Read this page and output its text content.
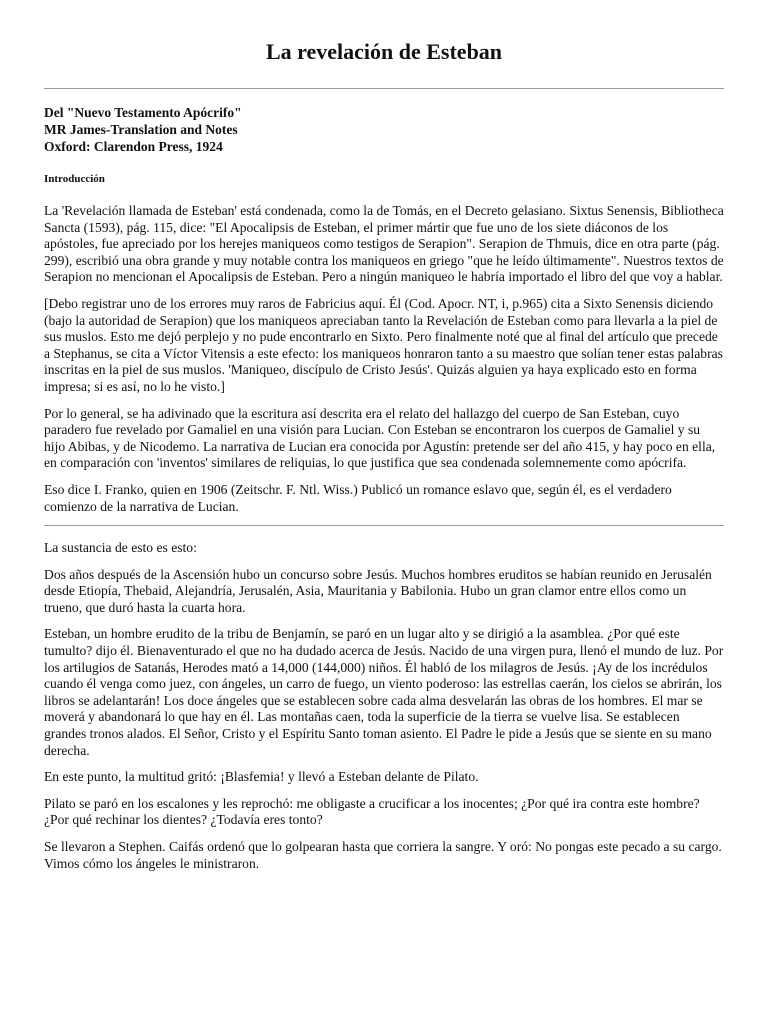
La revelación de Esteban
Del "Nuevo Testamento Apócrifo"
MR James-Translation and Notes
Oxford: Clarendon Press, 1924
Introducción

La 'Revelación llamada de Esteban' está condenada, como la de Tomás, en el Decreto gelasiano. Sixtus Senensis, Bibliotheca Sancta (1593), pág. 115, dice: "El Apocalipsis de Esteban, el primer mártir que fue uno de los siete diáconos de los apóstoles, fue apreciado por los herejes maniqueos como testigos de Serapion". Serapion de Thmuis, dice en otra parte (pág. 299), escribió una obra grande y muy notable contra los maniqueos en griego "que he leído últimamente". Nuestros textos de Serapion no mencionan el Apocalipsis de Esteban. Pero a ningún maniqueo le habría importado el libro del que voy a hablar.

[Debo registrar uno de los errores muy raros de Fabricius aquí. Él (Cod. Apocr. NT, i, p.965) cita a Sixto Senensis diciendo (bajo la autoridad de Serapion) que los maniqueos apreciaban tanto la Revelación de Esteban como para llevarla a la piel de sus muslos. Esto me dejó perplejo y no pude encontrarlo en Sixto. Pero finalmente noté que al final del artículo que precede a Stephanus, se cita a Víctor Vitensis a este efecto: los maniqueos honraron tanto a su maestro que solían tener estas palabras inscritas en la piel de sus muslos. 'Maniqueo, discípulo de Cristo Jesús'. Quizás alguien ya haya explicado esto en forma impresa; si es así, no lo he visto.]

Por lo general, se ha adivinado que la escritura así descrita era el relato del hallazgo del cuerpo de San Esteban, cuyo paradero fue revelado por Gamaliel en una visión para Lucian. Con Esteban se encontraron los cuerpos de Gamaliel y su hijo Abibas, y de Nicodemo. La narrativa de Lucian era conocida por Agustín: pretende ser del año 415, y hay poco en ella, en comparación con 'inventos' similares de reliquias, lo que justifica que sea condenada solemnemente como apócrifa.

Eso dice I. Franko, quien en 1906 (Zeitschr. F. Ntl. Wiss.) Publicó un romance eslavo que, según él, es el verdadero comienzo de la narrativa de Lucian.

La sustancia de esto es esto:

Dos años después de la Ascensión hubo un concurso sobre Jesús. Muchos hombres eruditos se habían reunido en Jerusalén desde Etiopía, Thebaid, Alejandría, Jerusalén, Asia, Mauritania y Babilonia. Hubo un gran clamor entre ellos como un trueno, que duró hasta la cuarta hora.

Esteban, un hombre erudito de la tribu de Benjamín, se paró en un lugar alto y se dirigió a la asamblea. ¿Por qué este tumulto? dijo él. Bienaventurado el que no ha dudado acerca de Jesús. Nacido de una virgen pura, llenó el mundo de luz. Por los artilugios de Satanás, Herodes mató a 14,000 (144,000) niños. Él habló de los milagros de Jesús. ¡Ay de los incrédulos cuando él venga como juez, con ángeles, un carro de fuego, un viento poderoso: las estrellas caerán, los cielos se abrirán, los libros se adelantarán! Los doce ángeles que se establecen sobre cada alma desvelarán las obras de los hombres. El mar se moverá y abandonará lo que hay en él. Las montañas caen, toda la superficie de la tierra se vuelve lisa. Se establecen grandes tronos alados. El Señor, Cristo y el Espíritu Santo toman asiento. El Padre le pide a Jesús que se siente en su mano derecha.

En este punto, la multitud gritó: ¡Blasfemia! y llevó a Esteban delante de Pilato.

Pilato se paró en los escalones y les reprochó: me obligaste a crucificar a los inocentes; ¿Por qué ira contra este hombre? ¿Por qué rechinar los dientes? ¿Todavía eres tonto?

Se llevaron a Stephen. Caifás ordenó que lo golpearan hasta que corriera la sangre. Y oró: No pongas este pecado a su cargo. Vimos cómo los ángeles le ministraron.
